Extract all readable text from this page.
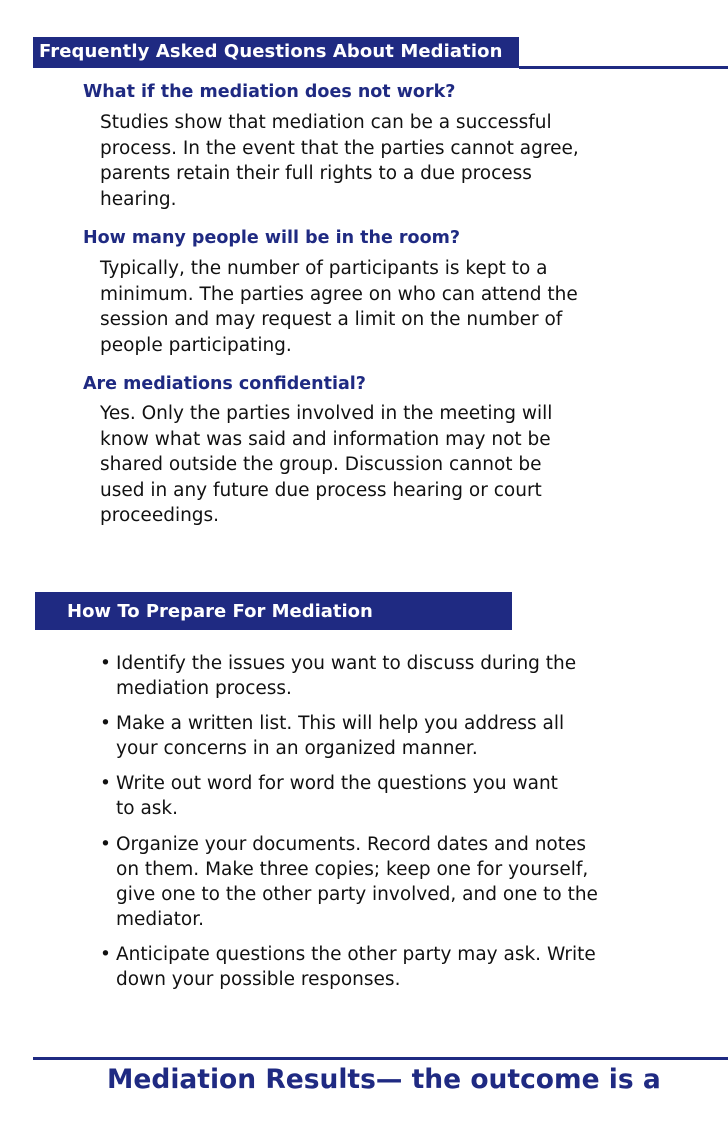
Frequently Asked Questions About Mediation
What if the mediation does not work?
Studies show that mediation can be a successful
process. In the event that the parties cannot agree,
parents retain their full rights to a due process
hearing.
How many people will be in the room?
Typically, the number of participants is kept to a
minimum. The parties agree on who can attend the
session and may request a limit on the number of
people participating.
Are mediations confidential?
Yes. Only the parties involved in the meeting will
know what was said and information may not be
shared outside the group. Discussion cannot be
used in any future due process hearing or court
proceedings.
How To Prepare For Mediation
• Identify the issues you want to discuss during the
mediation process.
• Make a written list. This will help you address all
your concerns in an organized manner.
• Write out word for word the questions you want
to ask.
• Organize your documents. Record dates and notes
on them. Make three copies; keep one for yourself,
give one to the other party involved, and one to the
mediator.
• Anticipate questions the other party may ask. Write
down your possible responses.
Mediation Results— the outcome is a
